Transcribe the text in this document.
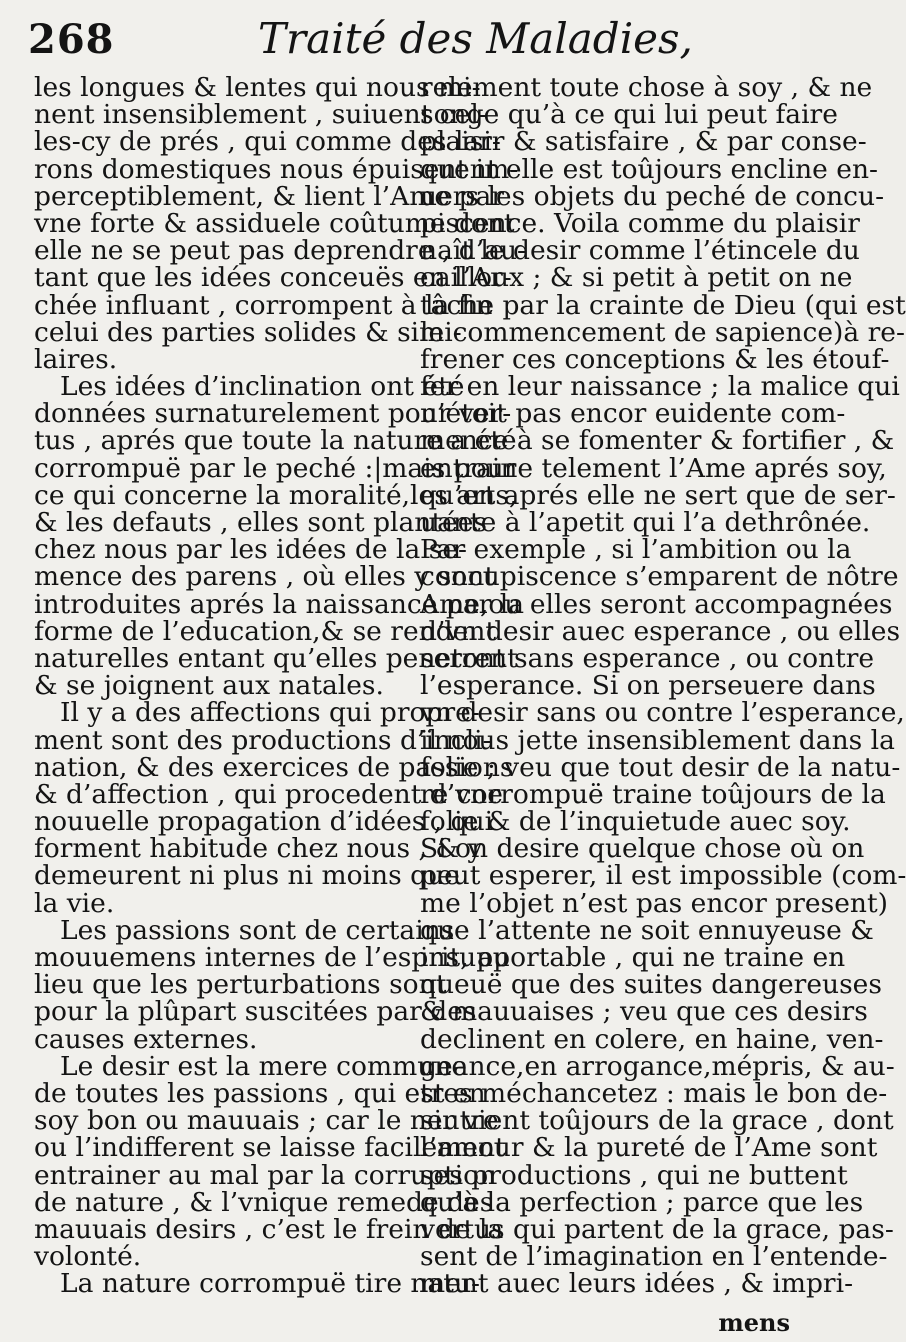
268	Traité des Maladies,
les longues & lentes qui nous mi-
nent insensiblement , suiuent cel-
les-cy de prés , qui comme des lar-
rons domestiques nous épuisent im-
perceptiblement, & lient l’Ame par
vne forte & assiduele coûtume dont
elle ne se peut pas deprendre , d’au-
tant que les idées conceuës en l’Ar-
chée influant , corrompent à la fin
celui des parties solides & simi-
laires.
Les idées d’inclination ont été
données surnaturelement pour ver-
tus , aprés que toute la nature a été
corrompuë par le peché :|mais pour
ce qui concerne la moralité,les arts,
& les defauts , elles sont plantées
chez nous par les idées de la se-
mence des parens , où elles y sont
introduites aprés la naissance par la
forme de l’education,& se rendent
naturelles entant qu’elles penetrent
& se joignent aux natales.
Il y a des affections qui propre-
ment sont des productions d’incli-
nation, & des exercices de passions
& d’affection , qui procedent d’vne
nouuelle propagation d’idées , qui
forment habitude chez nous , & y
demeurent ni plus ni moins que
la vie.
Les passions sont de certains
mouuemens internes de l’esprit, au
lieu que les perturbations sont
pour la plûpart suscitées par des
causes externes.
Le desir est la mere commune
de toutes les passions , qui est en
soy bon ou mauuais ; car le neutre
ou l’indifferent se laisse facilement
entrainer au mal par la corruption
de nature , & l’vnique remede des
mauuais desirs , c’est le frein de la
volonté.
La nature corrompuë tire natu-
relement toute chose à soy , & ne
songe qu’à ce qui lui peut faire
plaisir & satisfaire , & par conse-
quent elle est toûjours encline en-
uers les objets du peché de concu-
piscence. Voila comme du plaisir
naît le desir comme l’étincele du
cailloux ; & si petit à petit on ne
tâche par la crainte de Dieu (qui est
le commencement de sapience)à re-
frener ces conceptions & les étouf-
fer en leur naissance ; la malice qui
n’étoit pas encor euidente com-
mence à se fomenter & fortifier , &
entraine telement l’Ame aprés soy,
qu’en aprés elle ne sert que de ser-
uante à l’apetit qui l’a dethrônée.
Par exemple , si l’ambition ou la
concupiscence s’emparent de nôtre
Ame,ou elles seront accompagnées
d’vn desir auec esperance , ou elles
seront sans esperance , ou contre
l’esperance. Si on perseuere dans
vn desir sans ou contre l’esperance,
il nous jette insensiblement dans la
folie ; veu que tout desir de la natu-
re corrompuë traine toûjours de la
folie & de l’inquietude auec soy.
Si on desire quelque chose où on
peut esperer, il est impossible (com-
me l’objet n’est pas encor present)
que l’attente ne soit ennuyeuse &
insupportable , qui ne traine en
queuë que des suites dangereuses
& mauuaises ; veu que ces desirs
declinent en colere, en haine, ven-
geance,en arrogance,mépris, & au-
tres méchancetez : mais le bon de-
sir vient toûjours de la grace , dont
l’amour & la pureté de l’Ame sont
ses productions , qui ne buttent
qu’à la perfection ; parce que les
vertus qui partent de la grace, pas-
sent de l’imagination en l’entende-
ment auec leurs idées , & impri-
mens
